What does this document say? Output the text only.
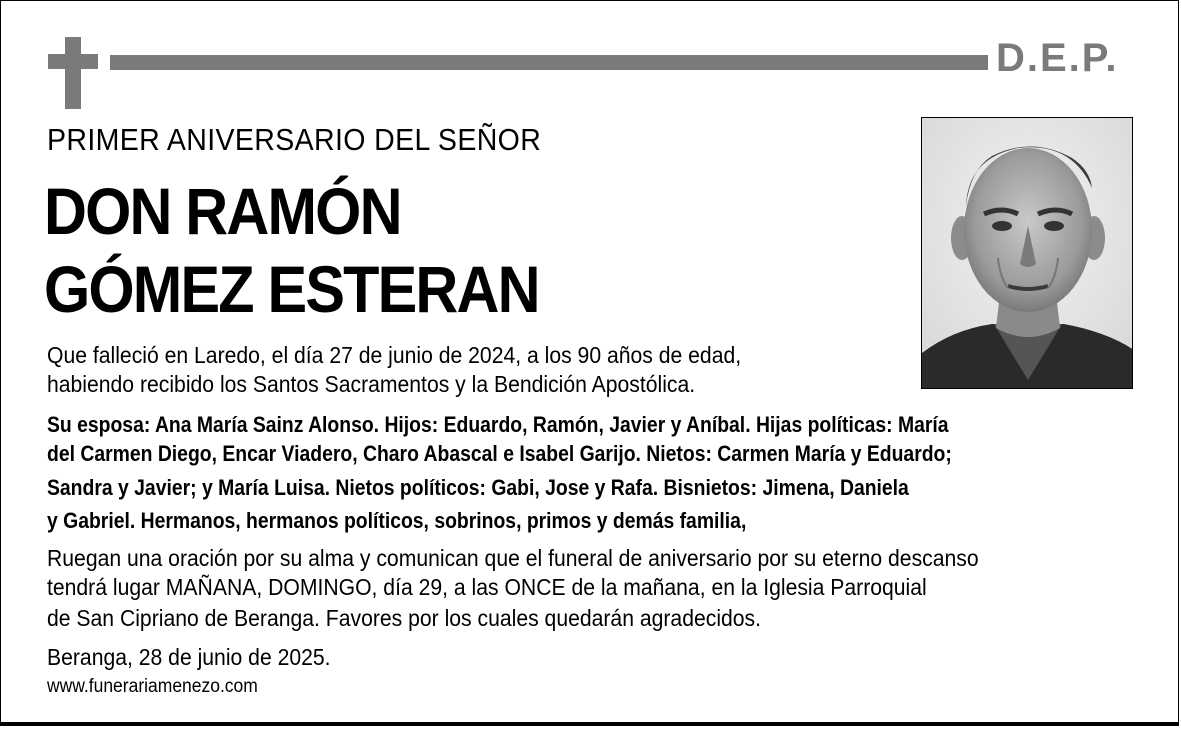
D.E.P.
PRIMER ANIVERSARIO DEL SEÑOR
DON RAMÓN
GÓMEZ ESTERAN
Que falleció en Laredo, el día 27 de junio de 2024, a los 90 años de edad,
habiendo recibido los Santos Sacramentos y la Bendición Apostólica.
Su esposa: Ana María Sainz Alonso. Hijos: Eduardo, Ramón, Javier y Aníbal. Hijas políticas: María
del Carmen Diego, Encar Viadero, Charo Abascal e Isabel Garijo. Nietos: Carmen María y Eduardo;
Sandra y Javier; y María Luisa. Nietos políticos: Gabi, Jose y Rafa. Bisnietos: Jimena, Daniela
y Gabriel. Hermanos, hermanos políticos, sobrinos, primos y demás familia,
Ruegan una oración por su alma y comunican que el funeral de aniversario por su eterno descanso
tendrá lugar MAÑANA, DOMINGO, día 29, a las ONCE de la mañana, en la Iglesia Parroquial
de San Cipriano de Beranga. Favores por los cuales quedarán agradecidos.
Beranga, 28 de junio de 2025.
www.funerariamenezo.com
